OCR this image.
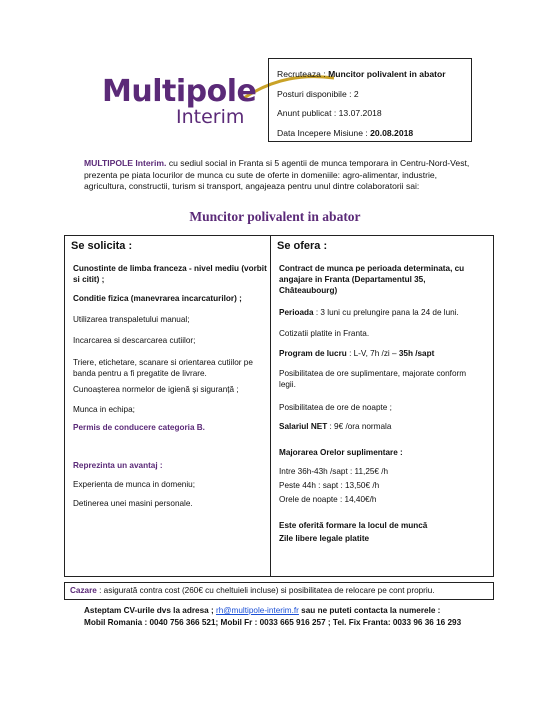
Multipole
Interim
Recruteaza : Muncitor polivalent in abator
Posturi disponibile : 2
Anunt publicat : 13.07.2018
Data Incepere Misiune : 20.08.2018
MULTIPOLE Interim. cu sediul social in Franta si 5 agentii de munca temporara in Centru-Nord-Vest, prezenta pe piata locurilor de munca cu sute de oferte in domeniile: agro-alimentar, industrie, agricultura, constructii, turism si transport, angajeaza pentru unul dintre colaboratorii sai:
Muncitor polivalent in abator
Se solicita :
Cunostinte de limba franceza - nivel mediu (vorbit si citit) ;
Conditie fizica (manevrarea incarcaturilor) ;
Utilizarea transpaletului manual;
Incarcarea si descarcarea cutiilor;
Triere, etichetare, scanare si orientarea cutiilor pe banda pentru a fi pregatite de livrare.
Cunoașterea normelor de igienă și siguranță ;
Munca in echipa;
Permis de conducere categoria B.
Reprezinta un avantaj :
Experienta de munca in domeniu;
Detinerea unei masini personale.
Se ofera :
Contract de munca pe perioada determinata, cu angajare in Franta (Departamentul 35, Châteaubourg)
Perioada : 3 luni cu prelungire pana la 24 de luni.
Cotizatii platite in Franta.
Program de lucru : L-V, 7h /zi – 35h /sapt
Posibilitatea de ore suplimentare, majorate conform legii.
Posibilitatea de ore de noapte ;
Salariul NET : 9€ /ora normala
Majorarea Orelor suplimentare :
Intre 36h-43h /sapt : 11,25€ /h
Peste 44h : sapt : 13,50€ /h
Orele de noapte : 14,40€/h
Este oferită formare la locul de muncă
Zile libere legale platite
Cazare : asigurată contra cost (260€ cu cheltuieli incluse) si posibilitatea de relocare pe cont propriu.
Asteptam CV-urile dvs la adresa ; rh@multipole-interim.fr sau ne puteti contacta la numerele :
Mobil Romania : 0040 756 366 521; Mobil Fr : 0033 665 916 257 ; Tel. Fix Franta: 0033 96 36 16 293
